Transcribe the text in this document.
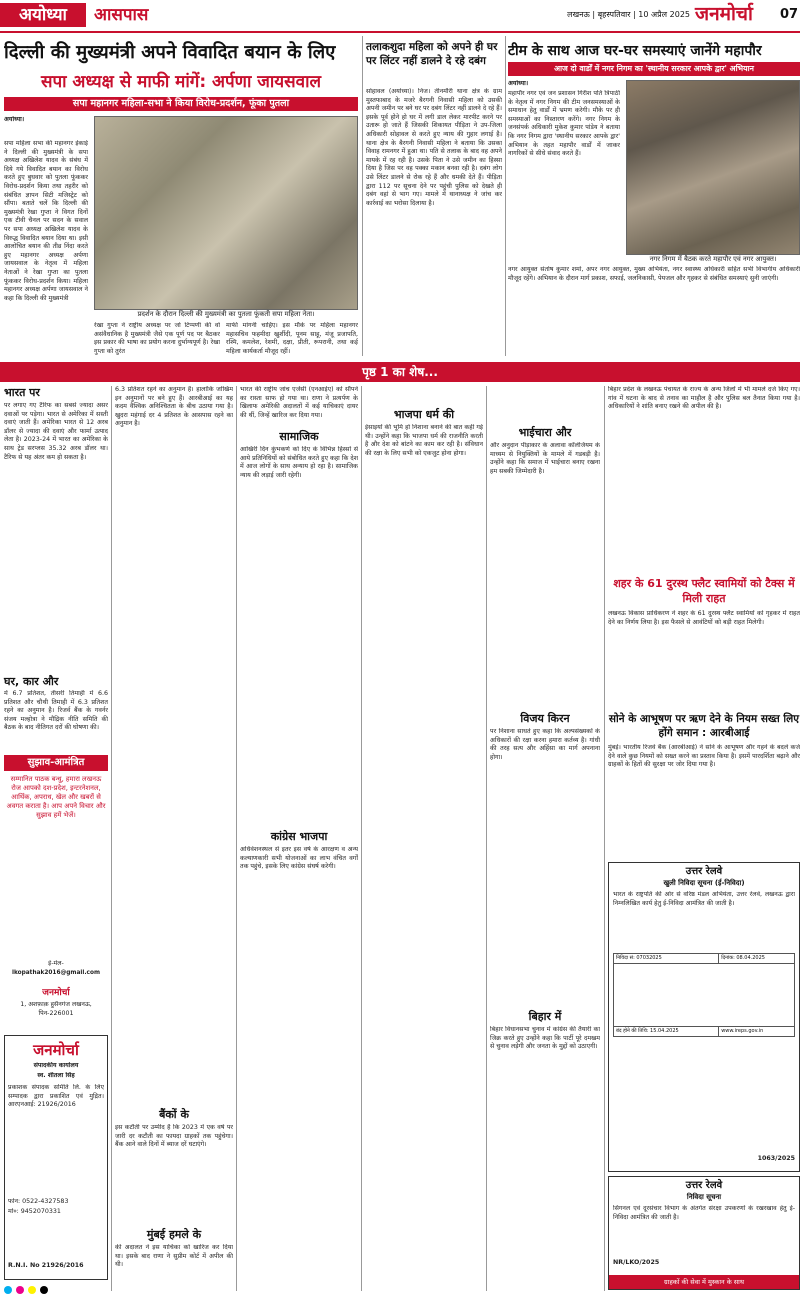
अयोध्या	आसपास	लखनऊ | बृहस्पतिवार | 10 अप्रैल 2025 जनमोर्चा	07
दिल्ली की मुख्यमंत्री अपने विवादित बयान के लिए
सपा अध्यक्ष से माफी मांगें: अर्पणा जायसवाल
सपा महानगर महिला-सभा ने किया विरोध-प्रदर्शन, फूंका पुतला
अयोध्या।
सपा महिला सभा की महानगर ईकाई ने दिल्ली की मुख्यमंत्री के सपा अध्यक्ष अखिलेश यादव के संबंध में दिये गये विवादित बयान का विरोध करते हुए बुधवार को पुतला फूंककर विरोध-प्रदर्शन किया तथा तहरीर को संबंधित ज्ञापन सिटी मजिस्ट्रेट को सौंपा। बताते चलें कि दिल्ली की मुख्यमंत्री रेखा गुप्ता ने विगत दिनों एक टीवी चैनल पर सदन के सवाल पर सपा अध्यक्ष अखिलेश यादव के विरुद्ध विवादित बयान दिया था। इसी आलोचित बयान की तीव्र निंदा करते हुए महानगर अध्यक्ष अर्पणा जायसवाल के नेतृत्व में महिला नेताओं ने रेखा गुप्ता का पुतला फूंककर विरोध-प्रदर्शन किया। महिला महानगर अध्यक्ष अर्पणा जायसवाल ने कहा कि दिल्ली की मुख्यमंत्री
प्रदर्शन के दौरान दिल्ली की मुख्यमंत्री का पुतला फूंकती सपा महिला नेता।
रेखा गुप्ता ने राष्ट्रीय अध्यक्ष पर जो टिप्पणी की वो असंवैधानिक है मुख्यमंत्री जैसे एक पूर्ण पद पर बैठकर इस प्रकार की भाषा का प्रयोग करना दुर्भाग्यपूर्ण है। रेखा गुप्ता को तुरंत
माफी मांगनी चाहिए। इस मौके पर महिला महानगर महासचिव फहमीदा खुर्शीदी, पूनम साहू, मंजू प्रजापति, रश्मि, कमलेश, रेशमी, दक्षा, प्रीती, रूपरानी, तथा कई महिला कार्यकर्ता मौजूद रहीं।
तलाकशुदा महिला को अपने ही घर पर लिंटर नहीं डालने दे रहे दबंग
सोहावल (अयोध्या)। निज। तीनमौरी थाना क्षेत्र के ग्राम मुस्तफाबाद के मजरे बैरगनी निवासी महिला को उसकी अपनी जमीन पर बने घर पर दबंग लिंटर नहीं डालने दे रहे हैं। इसके पूर्व होने हो घर में लगी डाल लेकर मारपीट करने पर उतारू हो जाते हैं जिसकी शिकायत पीड़िता ने उप-जिला अधिकारी सोहावल से करते हुए न्याय की गुहार लगाई है। थाना क्षेत्र के बैरगनी निवासी महिला ने बताया कि उसका विवाह रामनगर में हुआ था। पति से तलाक के बाद वह अपने मायके में रह रही है। उसके पिता ने उसे जमीन का हिस्सा दिया है जिस पर वह पक्का मकान बनवा रही है। दबंग लोग उसे लिंटर डालने से रोक रहे हैं और धमकी देते हैं। पीड़िता द्वारा 112 पर सूचना देने पर पहुंची पुलिस को देखते ही दबंग वहां से भाग गए। मामले में थानाध्यक्ष ने जांच कर कार्रवाई का भरोसा दिलाया है।
टीम के साथ आज घर-घर समस्याएं जानेंगे महापौर
आज दो वार्डों में नगर निगम का 'स्थानीय सरकार आपके द्वार' अभियान
अयोध्या।
महापौर नगर एवं जन प्रशासन गिरीश पति त्रिपाठी के नेतृत्व में नगर निगम की टीम जनसमस्याओं के समाधान हेतु वार्डों में भ्रमण करेगी। मौके पर ही समस्याओं का निस्तारण करेंगे। नगर निगम के जनसंपर्क अधिकारी मुकेश कुमार पांडेय ने बताया कि नगर निगम द्वारा 'स्थानीय सरकार आपके द्वार' अभियान के तहत महापौर वार्डों में जाकर नागरिकों से सीधे संवाद करते हैं।
नगर निगम में बैठक करते महापौर एवं नगर आयुक्त।
नगर आयुक्त संतोष कुमार शर्मा, अपर नगर आयुक्त, मुख्य अभियंता, नगर स्वास्थ्य अधिकारी सहित सभी विभागीय अधिकारी मौजूद रहेंगे। अभियान के दौरान मार्ग प्रकाश, सफाई, जलनिकासी, पेयजल और गृहकर से संबंधित समस्याएं सुनी जाएंगी।
पृष्ठ 1 का शेष...
भारत पर
पर लगाए गए टैरिफ का सबसे ज्यादा असर दवाओं पर पड़ेगा। भारत से अमेरिका में सस्ती दवाएं जाती हैं। अमेरिका भारत से 12 अरब डॉलर से ज्यादा की दवाएं और फार्मा उत्पाद लेता है। 2023-24 में भारत का अमेरिका के साथ ट्रेड सरप्लस 35.32 अरब डॉलर था। टैरिफ से यह अंतर कम हो सकता है।
घर, कार और
में 6.7 प्रतिशत, तीसरी तिमाही में 6.6 प्रतिशत और चौथी तिमाही में 6.3 प्रतिशत रहने का अनुमान है। रिजर्व बैंक के गवर्नर संजय मल्होत्रा ने मौद्रिक नीति समिति की बैठक के बाद नीतिगत दरों की घोषणा की।
सुझाव-आमंत्रित
सम्मानित पाठक बन्धु, हमारा लखनऊ रोज आपको दश-प्रदेश, इन्टरनेशनल, आर्थिक, अपराध, खेल और खबरों से अवगत कराता है। आप अपने विचार और सुझाव हमें भेजें।
ई-मेल-
lkopathak2016@gmail.com
जनमोर्चा
1, अशफ़ाक़ हुसैनगंज लखनऊ, पिन-226001
जनमोर्चा
संपादकीय कार्यालय
स्व. शीतला सिंह
प्रकाशक संपादक समिति लि. के लिए सम्पादक द्वारा प्रकाशित एवं मुद्रित। आरएनआई: 21926/2016
फोन: 0522-4327583
मो०: 9452070331
R.N.I. No 21926/2016
6.3 प्रतिशत रहने का अनुमान है। हालांकि जोखिम इन अनुमानों पर बने हुए हैं। आरबीआई का यह कदम वैश्विक अनिश्चितता के बीच उठाया गया है। खुदरा महंगाई दर 4 प्रतिशत के आसपास रहने का अनुमान है।
बैंकों के
इस कटौती पर उम्मीद है कि 2023 में एक वर्ष पर जारी दर कटौती का फायदा ग्राहकों तक पहुंचेगा। बैंक आने वाले दिनों में ब्याज दरें घटाएंगे।
मुंबई हमले के
की अदालत ने इस याचिका को खारिज कर दिया था। इसके बाद राणा ने सुप्रीम कोर्ट में अपील की थी।
भारत की राष्ट्रीय जांच एजेंसी (एनआईए) को सौंपने का रास्ता साफ हो गया था। राणा ने प्रत्यर्पण के खिलाफ अमेरिकी अदालतों में कई याचिकाएं दायर की थीं, जिन्हें खारिज कर दिया गया।
सामाजिक
आखिरी दिन कुंभकर्ण को दिए के विभिन्न हिस्सों से आये प्रतिनिधियों को संबोधित करते हुए कहा कि देश में आज लोगों के साथ अन्याय हो रहा है। सामाजिक न्याय की लड़ाई जारी रहेगी।
कांग्रेस भाजपा
अधिवेशनस्थल से इतर इस वर्ष के आरक्षण व अन्य कल्याणकारी सभी योजनाओं का लाभ वंचित वर्गों तक पहुंचे, इसके लिए कांग्रेस संघर्ष करेगी।
भाजपा धर्म की
ईसाइयों की भूमि हो निशाना बनाने की बात कही गई थी। उन्होंने कहा कि भाजपा धर्म की राजनीति करती है और देश को बांटने का काम कर रही है। संविधान की रक्षा के लिए सभी को एकजुट होना होगा।
भाईचारा और
और अनुदान पीड़ाकार के अलावा कॉलेजियम के माध्यम से नियुक्तियों के मामले में गडबड़ी है। उन्होंने कहा कि समाज में भाईचारा बनाए रखना हम सबकी जिम्मेदारी है।
विजय किरन
पर निशाना साधते हुए कहा कि अल्पसंख्यकों के अधिकारों की रक्षा करना हमारा कर्तव्य है। गांधी की तरह सत्य और अहिंसा का मार्ग अपनाना होगा।
बिहार में
बिहार विधानसभा चुनाव में कांग्रेस की तैयारी का जिक्र करते हुए उन्होंने कहा कि पार्टी पूरे दमखम से चुनाव लड़ेगी और जनता के मुद्दों को उठाएगी।
बिहार प्रदेश के लखनऊ पंचायत के राज्य के अन्य जिलों में भी मामले दर्ज किए गए। गांव में घटना के बाद से तनाव का माहौल है और पुलिस बल तैनात किया गया है। अधिकारियों ने शांति बनाए रखने की अपील की है।
शहर के 61 दुरस्थ फ्लैट स्वामियों को टैक्स में मिली राहत
लखनऊ विकास प्राधिकरण ने शहर के 61 दुरस्थ फ्लैट स्वामियों को गृहकर में राहत देने का निर्णय लिया है। इस फैसले से आवंटियों को बड़ी राहत मिलेगी।
सोने के आभूषण पर ऋण देने के नियम सख्त लिए होंगे समान : आरबीआई
मुंबई। भारतीय रिजर्व बैंक (आरबीआई) ने सोने के आभूषण और गहने के बदले कर्ज देने वाले कुछ नियमों को सख्त करने का प्रस्ताव किया है। इसमें पारदर्शिता बढ़ाने और ग्राहकों के हितों की सुरक्षा पर जोर दिया गया है।
उत्तर रेलवे
खुली निविदा सूचना (ई-निविदा)
भारत के राष्ट्रपति की ओर से वरिष्ठ मंडल अभियंता, उत्तर रेलवे, लखनऊ द्वारा निम्नलिखित कार्य हेतु ई-निविदा आमंत्रित की जाती है।
निविदा सं: 07032025	दिनांक: 08.04.2025

बंद होने की तिथि: 15.04.2025	www.ireps.gov.in
1063/2025
उत्तर रेलवे
निविदा सूचना
सिगनल एवं दूरसंचार विभाग के अंतर्गत संरक्षा उपकरणों के रखरखाव हेतु ई-निविदा आमंत्रित की जाती है।
NR/LKO/2025
ग्राहकों की सेवा में मुस्कान के साथ
